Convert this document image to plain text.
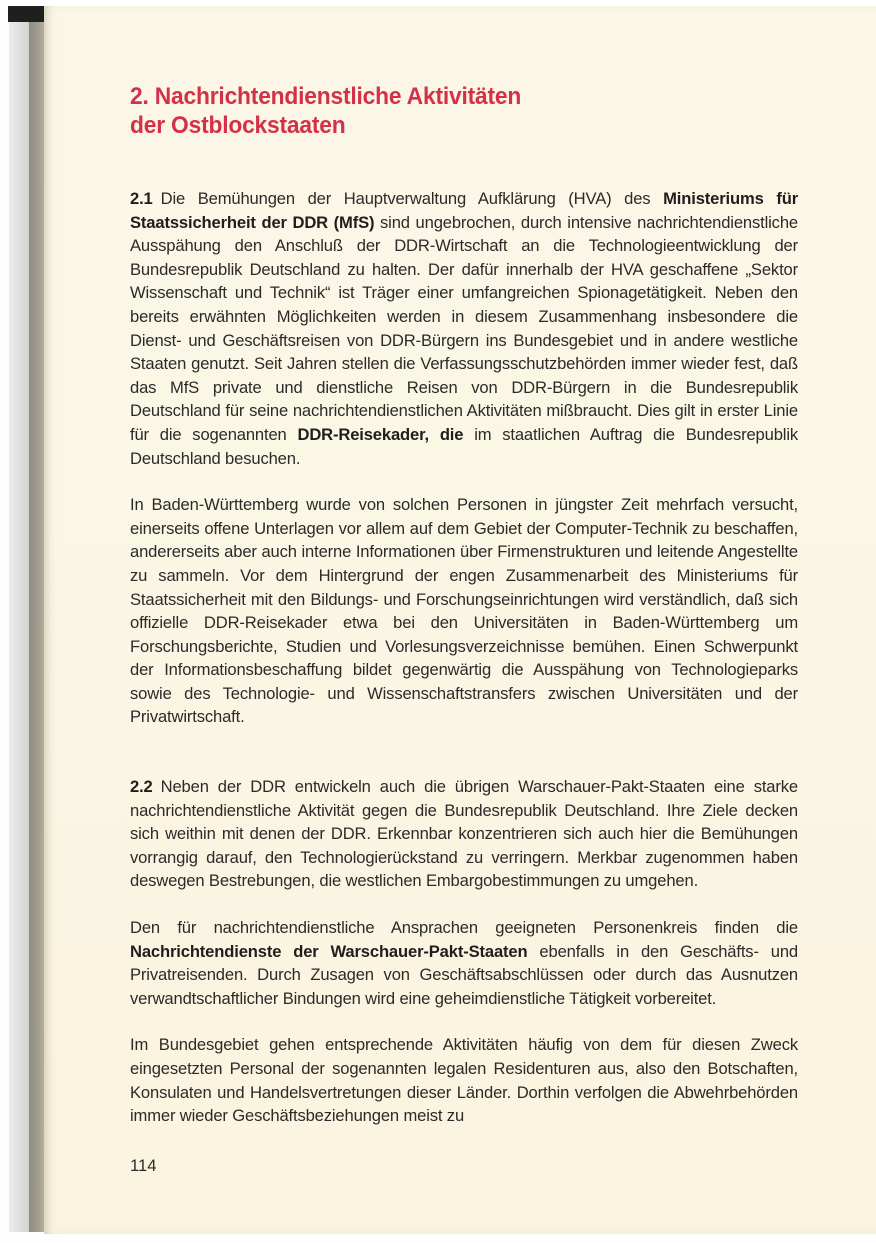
2. Nachrichtendienstliche Aktivitäten
der Ostblockstaaten

2.1 Die Bemühungen der Hauptverwaltung Aufklärung (HVA) des Ministeriums für Staatssicherheit der DDR (MfS) sind ungebrochen, durch intensive nachrichtendienstliche Ausspähung den Anschluß der DDR-Wirtschaft an die Technologieentwicklung der Bundesrepublik Deutschland zu halten. Der dafür innerhalb der HVA geschaffene „Sektor Wissenschaft und Technik“ ist Träger einer umfangreichen Spionagetätigkeit. Neben den bereits erwähnten Möglichkeiten werden in diesem Zusammenhang insbesondere die Dienst- und Geschäftsreisen von DDR-Bürgern ins Bundesgebiet und in andere westliche Staaten genutzt. Seit Jahren stellen die Verfassungsschutzbehörden immer wieder fest, daß das MfS private und dienstliche Reisen von DDR-Bürgern in die Bundesrepublik Deutschland für seine nachrichtendienstlichen Aktivitäten mißbraucht. Dies gilt in erster Linie für die sogenannten DDR-Reisekader, die im staatlichen Auftrag die Bundesrepublik Deutschland besuchen.

In Baden-Württemberg wurde von solchen Personen in jüngster Zeit mehrfach versucht, einerseits offene Unterlagen vor allem auf dem Gebiet der Computer-Technik zu beschaffen, andererseits aber auch interne Informationen über Firmenstrukturen und leitende Angestellte zu sammeln. Vor dem Hintergrund der engen Zusammenarbeit des Ministeriums für Staatssicherheit mit den Bildungs- und Forschungseinrichtungen wird verständlich, daß sich offizielle DDR-Reisekader etwa bei den Universitäten in Baden-Württemberg um Forschungsberichte, Studien und Vorlesungsverzeichnisse bemühen. Einen Schwerpunkt der Informationsbeschaffung bildet gegenwärtig die Ausspähung von Technologieparks sowie des Technologie- und Wissenschaftstransfers zwischen Universitäten und der Privatwirtschaft.

2.2 Neben der DDR entwickeln auch die übrigen Warschauer-Pakt-Staaten eine starke nachrichtendienstliche Aktivität gegen die Bundesrepublik Deutschland. Ihre Ziele decken sich weithin mit denen der DDR. Erkennbar konzentrieren sich auch hier die Bemühungen vorrangig darauf, den Technologierückstand zu verringern. Merkbar zugenommen haben deswegen Bestrebungen, die westlichen Embargobestimmungen zu umgehen.

Den für nachrichtendienstliche Ansprachen geeigneten Personenkreis finden die Nachrichtendienste der Warschauer-Pakt-Staaten ebenfalls in den Geschäfts- und Privatreisenden. Durch Zusagen von Geschäftsabschlüssen oder durch das Ausnutzen verwandtschaftlicher Bindungen wird eine geheimdienstliche Tätigkeit vorbereitet.

Im Bundesgebiet gehen entsprechende Aktivitäten häufig von dem für diesen Zweck eingesetzten Personal der sogenannten legalen Residenturen aus, also den Botschaften, Konsulaten und Handelsvertretungen dieser Länder. Dorthin verfolgen die Abwehrbehörden immer wieder Geschäftsbeziehungen meist zu

114
